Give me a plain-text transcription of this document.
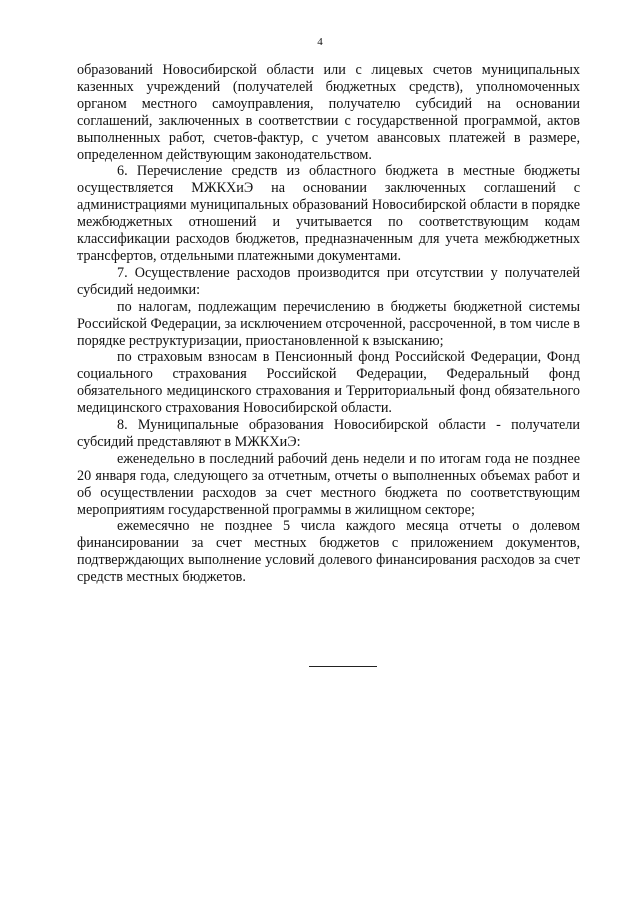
4

образований Новосибирской области или с лицевых счетов муниципальных казенных учреждений (получателей бюджетных средств), уполномоченных органом местного самоуправления, получателю субсидий на основании соглашений, заключенных в соответствии с государственной программой, актов выполненных работ, счетов-фактур, с учетом авансовых платежей в размере, определенном действующим законодательством.

6. Перечисление средств из областного бюджета в местные бюджеты осуществляется МЖКХиЭ на основании заключенных соглашений с администрациями муниципальных образований Новосибирской области в порядке межбюджетных отношений и учитывается по соответствующим кодам классификации расходов бюджетов, предназначенным для учета межбюджетных трансфертов, отдельными платежными документами.

7. Осуществление расходов производится при отсутствии у получателей субсидий недоимки:

по налогам, подлежащим перечислению в бюджеты бюджетной системы Российской Федерации, за исключением отсроченной, рассроченной, в том числе в порядке реструктуризации, приостановленной к взысканию;

по страховым взносам в Пенсионный фонд Российской Федерации, Фонд социального страхования Российской Федерации, Федеральный фонд обязательного медицинского страхования и Территориальный фонд обязательного медицинского страхования Новосибирской области.

8. Муниципальные образования Новосибирской области - получатели субсидий представляют в МЖКХиЭ:

еженедельно в последний рабочий день недели и по итогам года не позднее 20 января года, следующего за отчетным, отчеты о выполненных объемах работ и об осуществлении расходов за счет местного бюджета по соответствующим мероприятиям государственной программы в жилищном секторе;

ежемесячно не позднее 5 числа каждого месяца отчеты о долевом финансировании за счет местных бюджетов с приложением документов, подтверждающих выполнение условий долевого финансирования расходов за счет средств местных бюджетов.
